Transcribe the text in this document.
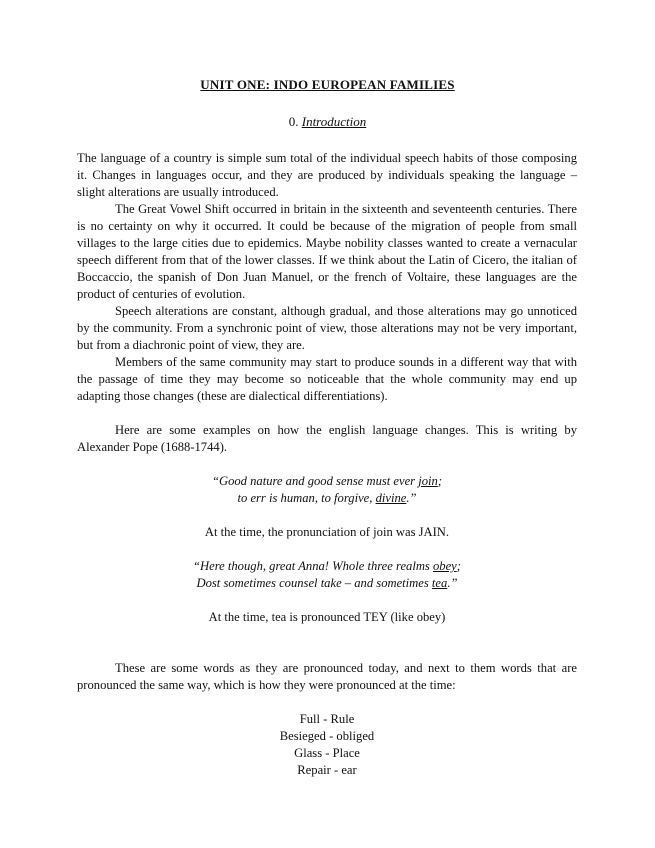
UNIT ONE: INDO EUROPEAN FAMILIES
0. Introduction

The language of a country is simple sum total of the individual speech habits of those composing it. Changes in languages occur, and they are produced by individuals speaking the language – slight alterations are usually introduced.

The Great Vowel Shift occurred in britain in the sixteenth and seventeenth centuries. There is no certainty on why it occurred. It could be because of the migration of people from small villages to the large cities due to epidemics. Maybe nobility classes wanted to create a vernacular speech different from that of the lower classes. If we think about the Latin of Cicero, the italian of Boccaccio, the spanish of Don Juan Manuel, or the french of Voltaire, these languages are the product of centuries of evolution.

Speech alterations are constant, although gradual, and those alterations may go unnoticed by the community. From a synchronic point of view, those alterations may not be very important, but from a diachronic point of view, they are.

Members of the same community may start to produce sounds in a different way that with the passage of time they may become so noticeable that the whole community may end up adapting those changes (these are dialectical differentiations).

Here are some examples on how the english language changes. This is writing by Alexander Pope (1688-1744).

“Good nature and good sense must ever join;

to err is human, to forgive, divine.”

At the time, the pronunciation of join was JAIN.

“Here though, great Anna! Whole three realms obey;

Dost sometimes counsel take – and sometimes tea.”

At the time, tea is pronounced TEY (like obey)

These are some words as they are pronounced today, and next to them words that are pronounced the same way, which is how they were pronounced at the time:

Full - Rule

Besieged - obliged

Glass - Place

Repair - ear
